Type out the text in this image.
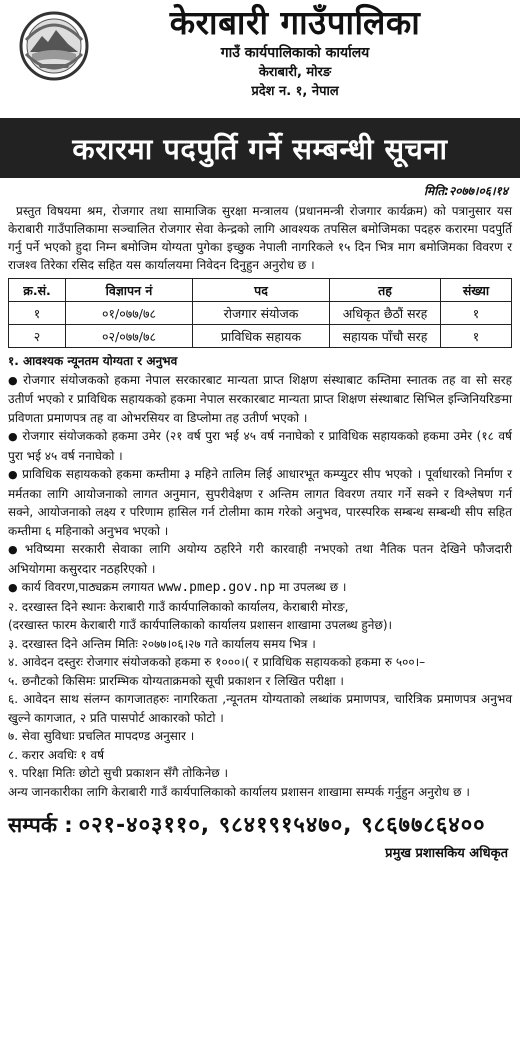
केराबारी गाउँपालिका
गाउँ कार्यपालिकाको कार्यालय
केराबारी, मोरङ
प्रदेश न. १, नेपाल
करारमा पदपुर्ति गर्ने सम्बन्धी सूचना
मिति:२०७७।०६।१४

प्रस्तुत विषयमा श्रम, रोजगार तथा सामाजिक सुरक्षा मन्त्रालय (प्रधानमन्त्री रोजगार कार्यक्रम) को पत्रानुसार यस केराबारी गाउँपालिकामा सञ्चालित रोजगार सेवा केन्द्रको लागि आवश्यक तपसिल बमोजिमका पदहरु करारमा पदपुर्ति गर्नु पर्ने भएको हुदा निम्न बमोजिम योग्यता पुगेका इच्छुक नेपाली नागरिकले १५ दिन भित्र माग बमोजिमका विवरण र राजश्व तिरेका रसिद सहित यस कार्यालयमा निवेदन दिनुहुन अनुरोध छ ।

क्र.सं.	विज्ञापन नं	पद	तह	संख्या
१	०१/०७७/७८	रोजगार संयोजक	अधिकृत छैठौं सरह	१
२	०२/०७७/७८	प्राविधिक सहायक	सहायक पाँचौ सरह	१

१. आवश्यक न्यूनतम योग्यता र अनुभव

● रोजगार संयोजकको हकमा नेपाल सरकारबाट मान्यता प्राप्त शिक्षण संस्थाबाट कम्तिमा स्नातक तह वा सो सरह उतीर्ण भएको र प्राविधिक सहायकको हकमा नेपाल सरकारबाट मान्यता प्राप्त शिक्षण संस्थाबाट सिभिल इन्जिनियरिङमा प्रविणता प्रमाणपत्र तह वा ओभरसियर वा डिप्लोमा तह उतीर्ण भएको ।

● रोजगार संयोजकको हकमा उमेर (२१ वर्ष पुरा भई ४५ वर्ष ननाघेको र प्राविधिक सहायकको हकमा उमेर (१८ वर्ष पुरा भई ४५ वर्ष ननाघेको ।

● प्राविधिक सहायकको हकमा कम्तीमा ३ महिने तालिम लिई आधारभूत कम्प्युटर सीप भएको । पूर्वाधारको निर्माण र मर्मतका लागि आयोजनाको लागत अनुमान, सुपरीवेक्षण र अन्तिम लागत विवरण तयार गर्ने सक्ने र विश्लेषण गर्न सक्ने, आयोजनाको लक्ष्य र परिणाम हासिल गर्न टोलीमा काम गरेको अनुभव, पारस्परिक सम्बन्ध सम्बन्धी सीप सहित कम्तीमा ६ महिनाको अनुभव भएको ।

● भविष्यमा सरकारी सेवाका लागि अयोग्य ठहरिने गरी कारवाही नभएको तथा नैतिक पतन देखिने फौजदारी अभियोगमा कसुरदार नठहरिएको ।

● कार्य विवरण,पाठ्यक्रम लगायत www.pmep.gov.np मा उपलब्ध छ ।

२. दरखास्त दिने स्थानः केराबारी गाउँ कार्यपालिकाको कार्यालय, केराबारी मोरङ,

(दरखास्त फारम केराबारी गाउँ कार्यपालिकाको कार्यालय प्रशासन शाखामा उपलब्ध हुनेछ)।

३. दरखास्त दिने अन्तिम मितिः २०७७।०६।२७ गते कार्यालय समय भित्र ।

४. आवेदन दस्तुरः रोजगार संयोजकको हकमा रु १०००।( र प्राविधिक सहायकको हकमा रु ५००।–

५. छनौटको किसिमः प्रारम्भिक योग्यताक्रमको सूची प्रकाशन र लिखित परीक्षा ।

६. आवेदन साथ संलग्न कागजातहरुः नागरिकता ,न्यूनतम योग्यताको लब्धांक प्रमाणपत्र, चारित्रिक प्रमाणपत्र अनुभव खुल्ने कागजात, २ प्रति पासपोर्ट आकारको फोटो ।

७. सेवा सुविधाः प्रचलित मापदण्ड अनुसार ।

८. करार अवधिः १ वर्ष

९. परिक्षा मितिः छोटो सुची प्रकाशन सँगै तोकिनेछ ।

अन्य जानकारीका लागि केराबारी गाउँ कार्यपालिकाको कार्यालय प्रशासन शाखामा सम्पर्क गर्नुहुन अनुरोध छ ।

सम्पर्क : ०२१-४०३११०, ९८४१९१५४७०, ९८६७७८६४००
प्रमुख प्रशासकिय अधिकृत
